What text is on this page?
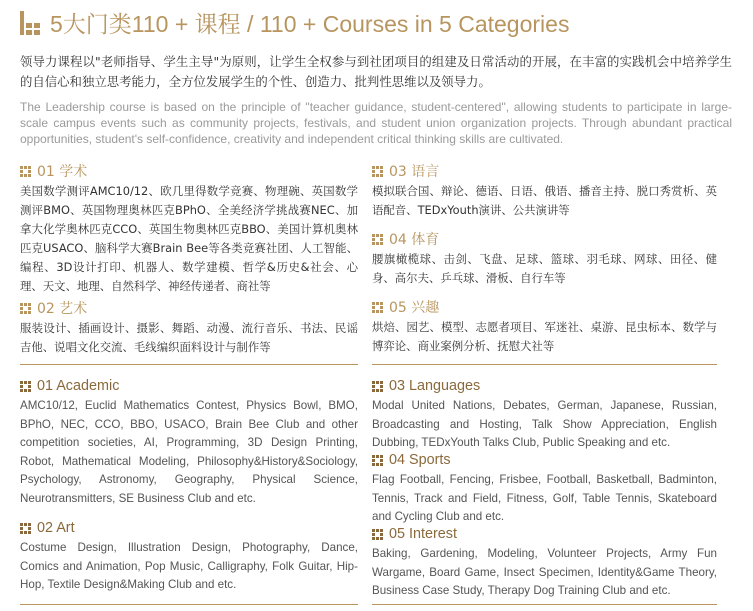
5大门类110 + 课程 / 110 + Courses in 5 Categories
领导力课程以"老师指导、学生主导"为原则，让学生全权参与到社团项目的组建及日常活动的开展，在丰富的实践机会中培养学生的自信心和独立思考能力，全方位发展学生的个性、创造力、批判性思维以及领导力。
The Leadership course is based on the principle of "teacher guidance, student-centered", allowing students to participate in large-scale campus events such as community projects, festivals, and student union organization projects. Through abundant practical opportunities, student's self-confidence, creativity and independent critical thinking skills are cultivated.
01 学术
美国数学测评AMC10/12、欧几里得数学竞赛、物理碗、英国数学测评BMO、英国物理奥林匹克BPhO、全美经济学挑战赛NEC、加拿大化学奥林匹克CCO、英国生物奥林匹克BBO、美国计算机奥林匹克USACO、脑科学大赛Brain Bee等各类竞赛社团、人工智能、编程、3D设计打印、机器人、数学建模、哲学&历史&社会、心理、天文、地理、自然科学、神经传递者、商社等
02 艺术
服装设计、插画设计、摄影、舞蹈、动漫、流行音乐、书法、民谣吉他、说唱文化交流、毛线编织面料设计与制作等
03 语言
模拟联合国、辩论、德语、日语、俄语、播音主持、脱口秀赏析、英语配音、TEDxYouth演讲、公共演讲等
04 体育
腰旗橄榄球、击剑、飞盘、足球、篮球、羽毛球、网球、田径、健身、高尔夫、乒乓球、滑板、自行车等
05 兴趣
烘焙、园艺、模型、志愿者项目、军迷社、桌游、昆虫标本、数学与博弈论、商业案例分析、抚慰犬社等
01 Academic
AMC10/12, Euclid Mathematics Contest, Physics Bowl, BMO, BPhO, NEC, CCO, BBO, USACO, Brain Bee Club and other competition societies, AI, Programming, 3D Design Printing, Robot, Mathematical Modeling, Philosophy&History&Sociology, Psychology, Astronomy, Geography, Physical Science, Neurotransmitters, SE Business Club and etc.
02 Art
Costume Design, Illustration Design, Photography, Dance, Comics and Animation, Pop Music, Calligraphy, Folk Guitar, Hip-Hop, Textile Design&Making Club and etc.
03 Languages
Modal United Nations, Debates, German, Japanese, Russian, Broadcasting and Hosting, Talk Show Appreciation, English Dubbing, TEDxYouth Talks Club, Public Speaking and etc.
04 Sports
Flag Football, Fencing, Frisbee, Football, Basketball, Badminton, Tennis, Track and Field, Fitness, Golf, Table Tennis, Skateboard and Cycling Club and etc.
05 Interest
Baking, Gardening, Modeling, Volunteer Projects, Army Fun Wargame, Board Game, Insect Specimen, Identity&Game Theory, Business Case Study, Therapy Dog Training Club and etc.
